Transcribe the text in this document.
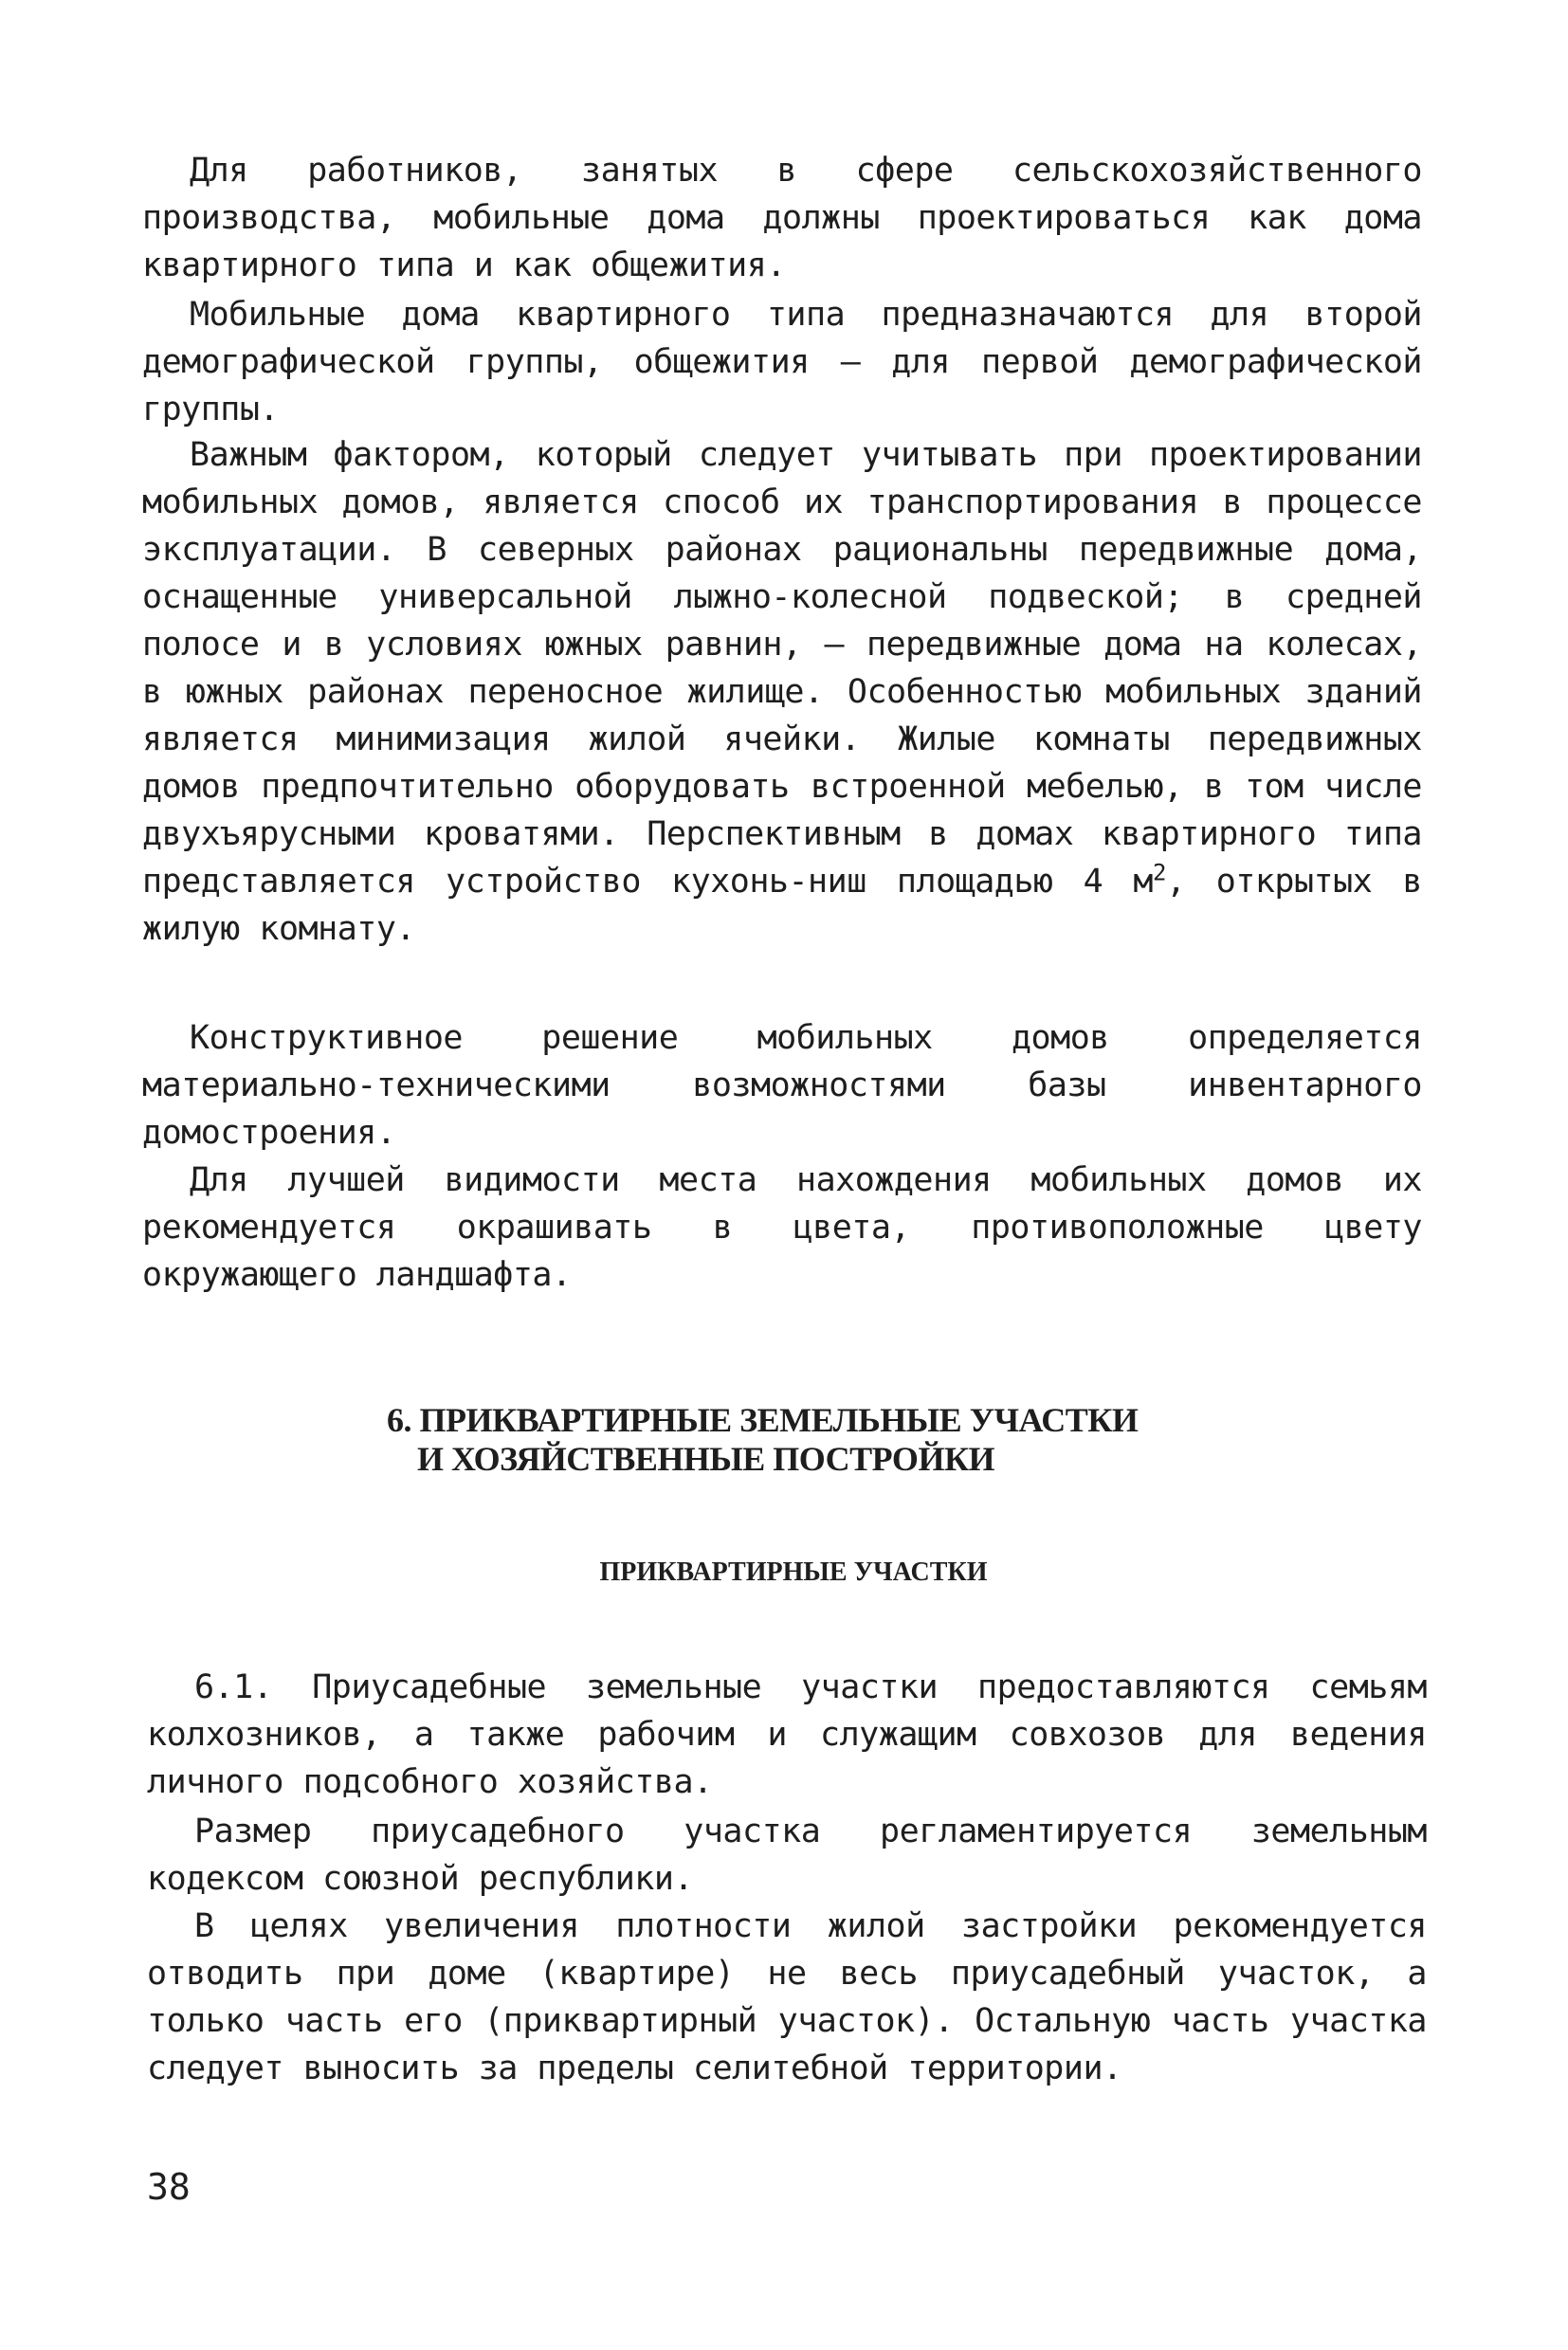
Для работников, занятых в сфере сельскохозяйственного производства, мобильные дома должны проектироваться как дома квартирного типа и как общежития.

Мобильные дома квартирного типа предназначаются для второй демографической группы, общежития – для первой демографической группы.

Важным фактором, который следует учитывать при проектировании мобильных домов, является способ их транспортирования в процессе эксплуатации. В северных районах рациональны передвижные дома, оснащенные универсальной лыжно-колесной подвеской; в средней полосе и в условиях южных равнин, – передвижные дома на колесах, в южных районах переносное жилище. Особенностью мобильных зданий является минимизация жилой ячейки. Жилые комнаты передвижных домов предпочтительно оборудовать встроенной мебелью, в том числе двухъярусными кроватями. Перспективным в домах квартирного типа представляется устройство кухонь-ниш площадью 4 $м^2$, открытых в жилую комнату.

Конструктивное решение мобильных домов определяется материально-техническими возможностями базы инвентарного домостроения.

Для лучшей видимости места нахождения мобильных домов их рекомендуется окрашивать в цвета, противоположные цвету окружающего ландшафта.

6. ПРИКВАРТИРНЫЕ ЗЕМЕЛЬНЫЕ УЧАСТКИ
И ХОЗЯЙСТВЕННЫЕ ПОСТРОЙКИ
ПРИКВАРТИРНЫЕ УЧАСТКИ

6.1. Приусадебные земельные участки предоставляются семьям колхозников, а также рабочим и служащим совхозов для ведения личного подсобного хозяйства.

Размер приусадебного участка регламентируется земельным кодексом союзной республики.

В целях увеличения плотности жилой застройки рекомендуется отводить при доме (квартире) не весь приусадебный участок, а только часть его (приквартирный участок). Остальную часть участка следует выносить за пределы селитебной территории.

38
